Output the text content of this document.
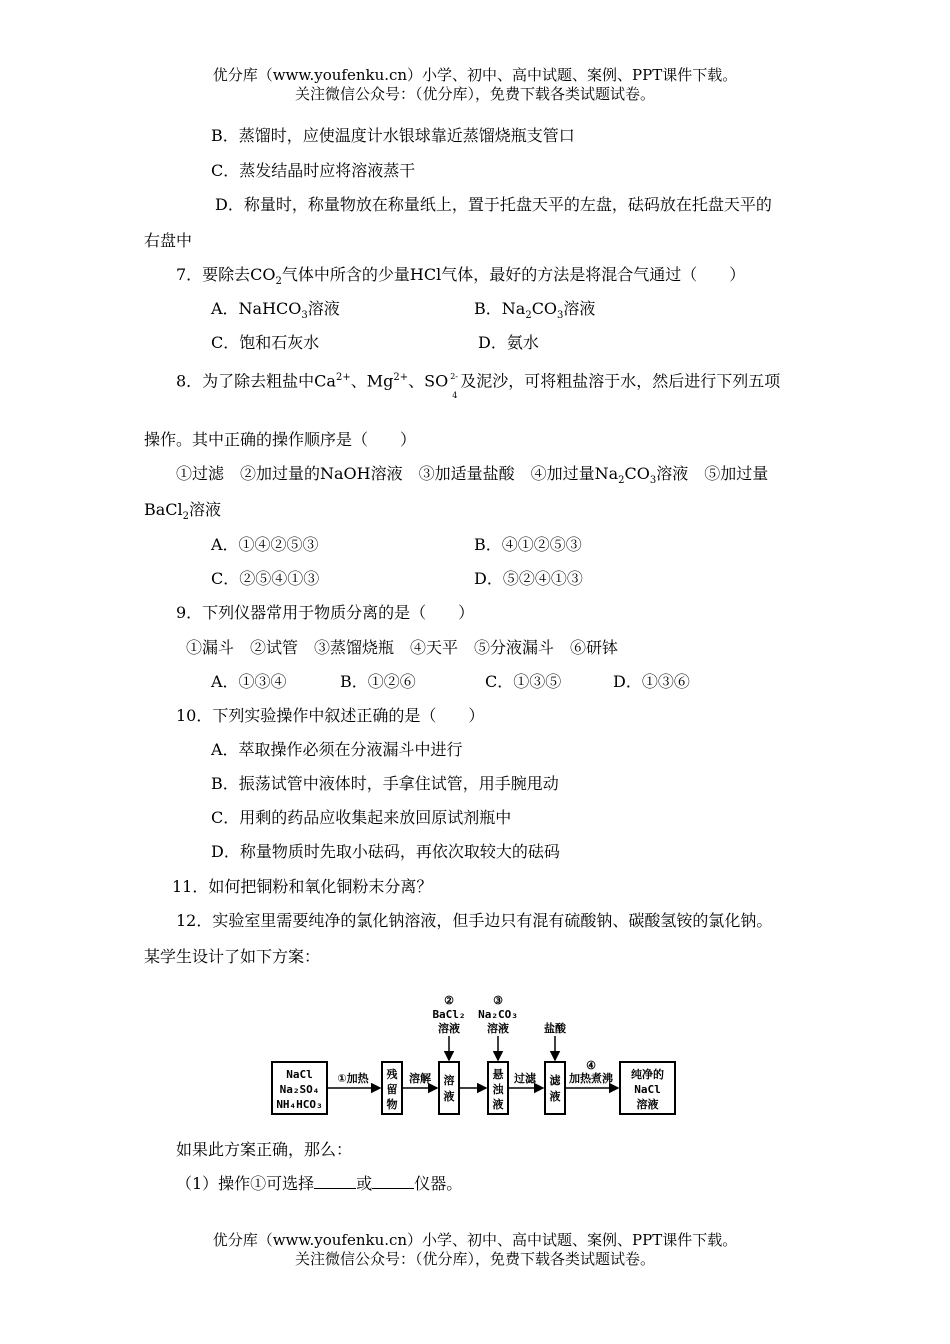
优分库（www.youfenku.cn）小学、初中、高中试题、案例、PPT课件下载。
关注微信公众号：（优分库），免费下载各类试题试卷。
B．蒸馏时，应使温度计水银球靠近蒸馏烧瓶支管口
C．蒸发结晶时应将溶液蒸干
D．称量时，称量物放在称量纸上，置于托盘天平的左盘，砝码放在托盘天平的
右盘中
7．要除去$CO_2$气体中所含的少量HCl气体，最好的方法是将混合气通过（　　）
A．NaHCO$_3$溶液	B．$Na_2CO_3$溶液
C．饱和石灰水	D．氨水
8．为了除去粗盐中$Ca^{2+}$、$Mg^{2+}$、SO 2-
4
及泥沙，可将粗盐溶于水，然后进行下列五项
操作。其中正确的操作顺序是（　　）
①过滤　②加过量的NaOH溶液　③加适量盐酸　④加过量$Na_2CO_3$溶液　⑤加过量
BaCl$_2$溶液
A．①④②⑤③	B．④①②⑤③
C．②⑤④①③	D．⑤②④①③
9．下列仪器常用于物质分离的是（　　）
①漏斗　②试管　③蒸馏烧瓶　④天平　⑤分液漏斗　⑥研钵
A．①③④	B．①②⑥	C．①③⑤	D．①③⑥
10．下列实验操作中叙述正确的是（　　）
A．萃取操作必须在分液漏斗中进行
B．振荡试管中液体时，手拿住试管，用手腕甩动
C．用剩的药品应收集起来放回原试剂瓶中
D．称量物质时先取小砝码，再依次取较大的砝码
11．如何把铜粉和氧化铜粉末分离？
12．实验室里需要纯净的氯化钠溶液，但手边只有混有硫酸钠、碳酸氢铵的氯化钠。
某学生设计了如下方案：
NaCl
Na₂SO₄
NH₄HCO₃
①加热 残
留
物
溶解 溶
液
②
BaCl₂
溶液
悬
浊
液
③
Na₂CO₃
溶液
过滤 滤
液
盐酸
④
加热煮沸 纯净的
NaCl
溶液
如果此方案正确，那么：
（1）操作①可选择	或	仪器。
优分库（www.youfenku.cn）小学、初中、高中试题、案例、PPT课件下载。
关注微信公众号：（优分库），免费下载各类试题试卷。
